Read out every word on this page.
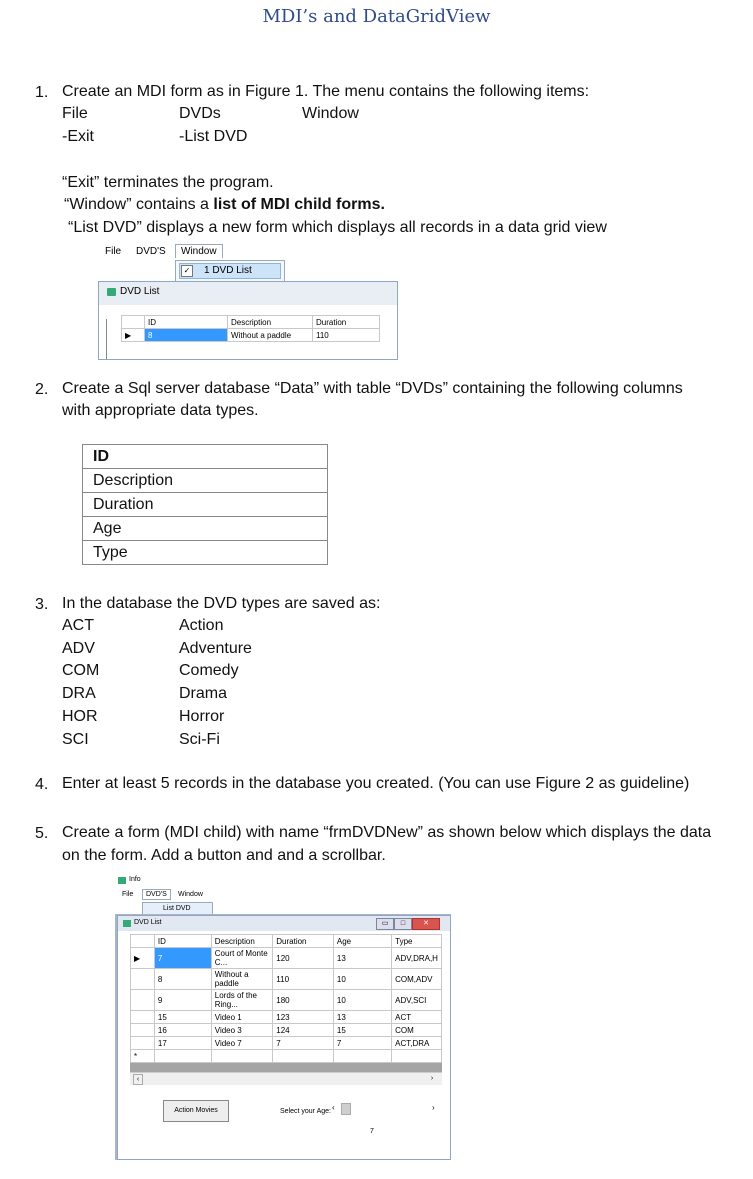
MDI’s and DataGridView
1. Create an MDI form as in Figure 1. The menu contains the following items:
File	DVDs	Window
-Exit	-List DVD
“Exit” terminates the program.
“Window” contains a list of MDI child forms.
“List DVD” displays a new form which displays all records in a data grid view
File DVD'S	Window
✓ 1 DVD List
DVD List
	ID	Description	Duration
▶	8	Without a paddle	110
2. Create a Sql server database “Data” with table “DVDs” containing the following columns
with appropriate data types.
ID
Description
Duration
Age
Type
3. In the database the DVD types are saved as:
ACT	Action
ADV	Adventure
COM	Comedy
DRA	Drama
HOR	Horror
SCI	Sci-Fi
4. Enter at least 5 records in the database you created. (You can use Figure 2 as guideline)
5. Create a form (MDI child) with name “frmDVDNew” as shown below which displays the data
on the form. Add a button and and a scrollbar.
Info
File	DVD'S	Window
List DVD
DVD List	▭	□	✕
	ID	Description	Duration	Age	Type
▶	7	Court of Monte C...	120	13	ADV,DRA,H
	8	Without a paddle	110	10	COM,ADV
	9	Lords of the Ring...	180	10	ADV,SCI
	15	Video 1	123	13	ACT
	16	Video 3	124	15	COM
	17	Video 7	7	7	ACT,DRA
*					
‹	›
Action Movies	Select your Age: ‹	›
7
